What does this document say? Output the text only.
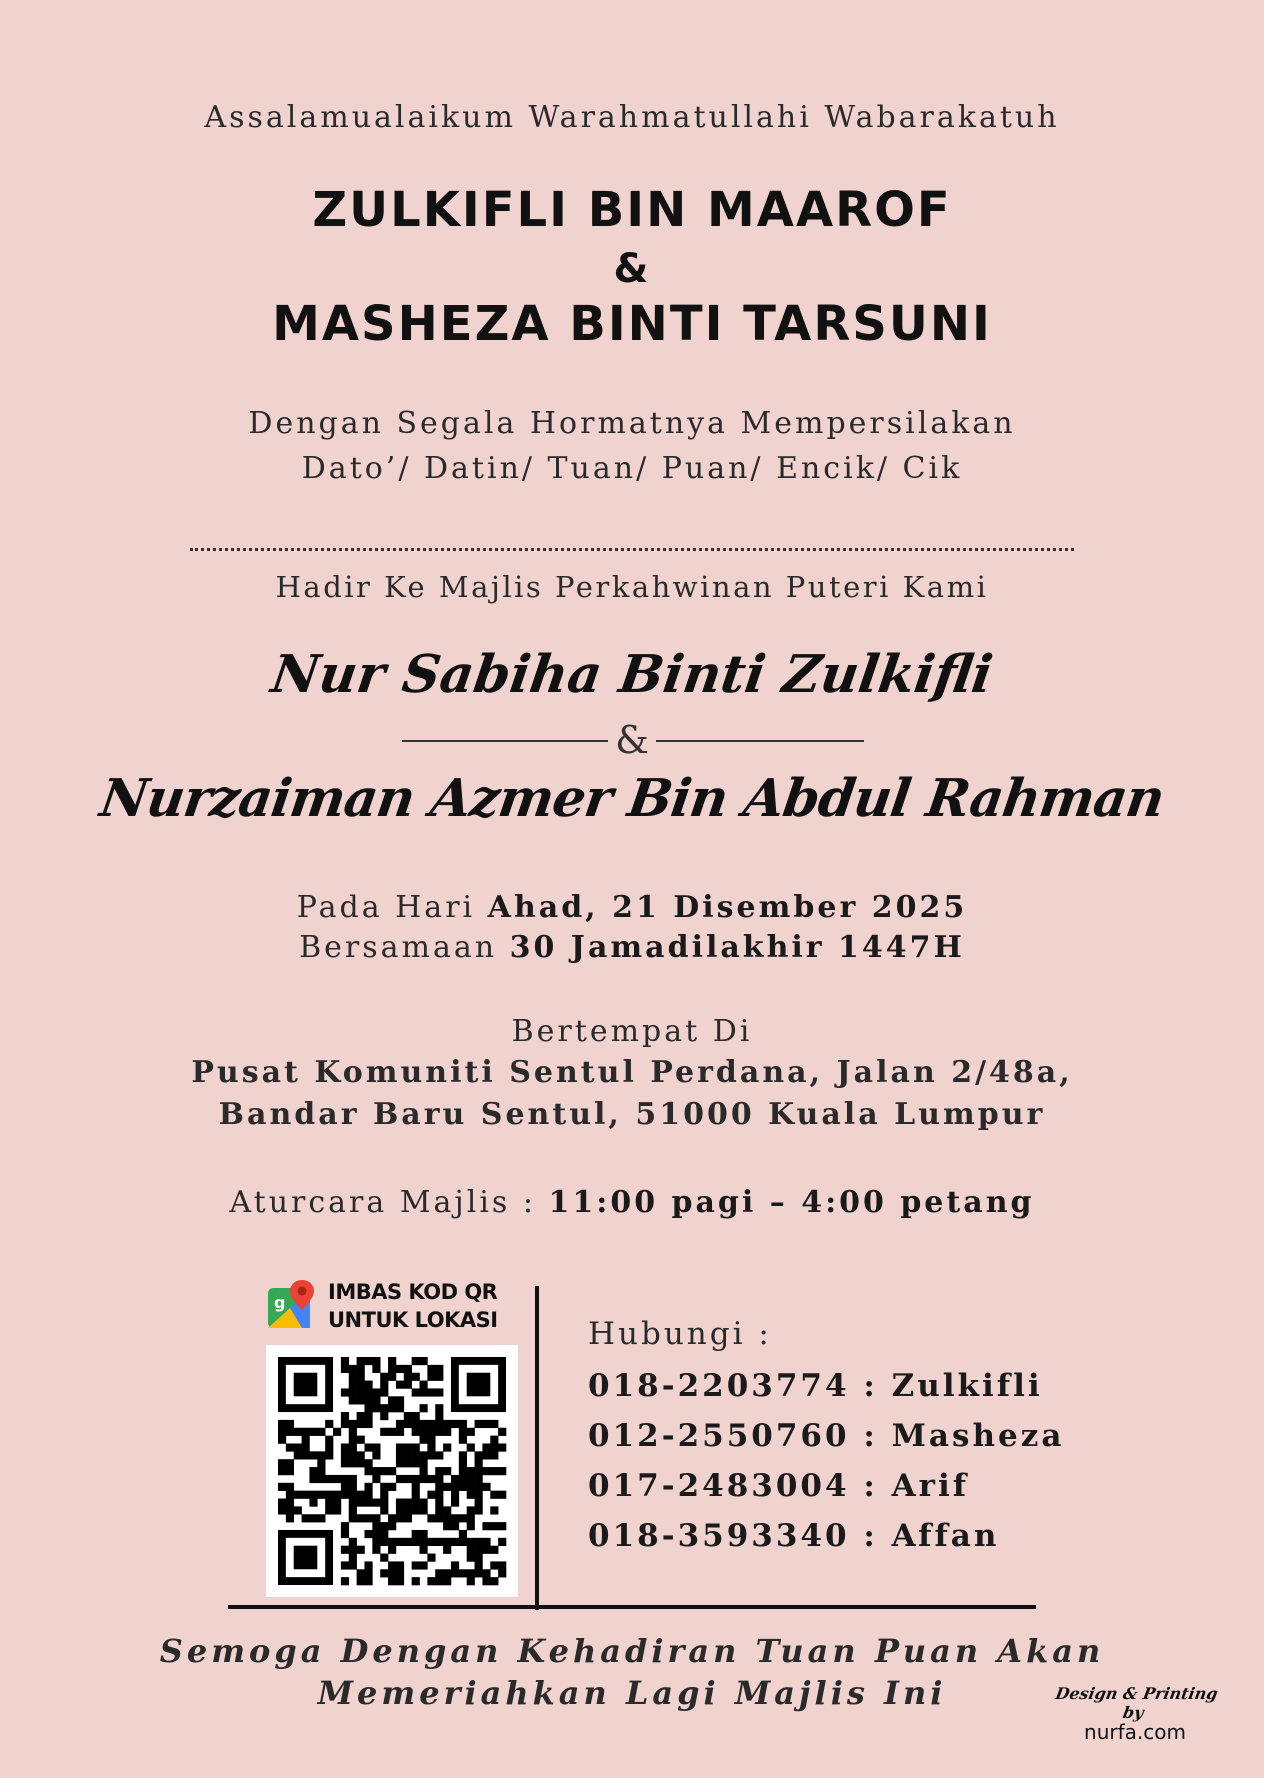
Assalamualaikum Warahmatullahi Wabarakatuh
ZULKIFLI BIN MAAROF
&
MASHEZA BINTI TARSUNI
Dengan Segala Hormatnya Mempersilakan
Dato’/ Datin/ Tuan/ Puan/ Encik/ Cik
Hadir Ke Majlis Perkahwinan Puteri Kami
Nur Sabiha Binti Zulkifli
&
Nurzaiman Azmer Bin Abdul Rahman
Pada Hari Ahad, 21 Disember 2025
Bersamaan 30 Jamadilakhir 1447H
Bertempat Di
Pusat Komuniti Sentul Perdana, Jalan 2/48a,
Bandar Baru Sentul, 51000 Kuala Lumpur
Aturcara Majlis : 11:00 pagi – 4:00 petang
g IMBAS KOD QR
UNTUK LOKASI	Hubungi :
018-2203774 : Zulkifli
012-2550760 : Masheza
017-2483004 : Arif
018-3593340 : Affan
Semoga Dengan Kehadiran Tuan Puan Akan
Memeriahkan Lagi Majlis Ini	Design & Printing by
nurfa.com
